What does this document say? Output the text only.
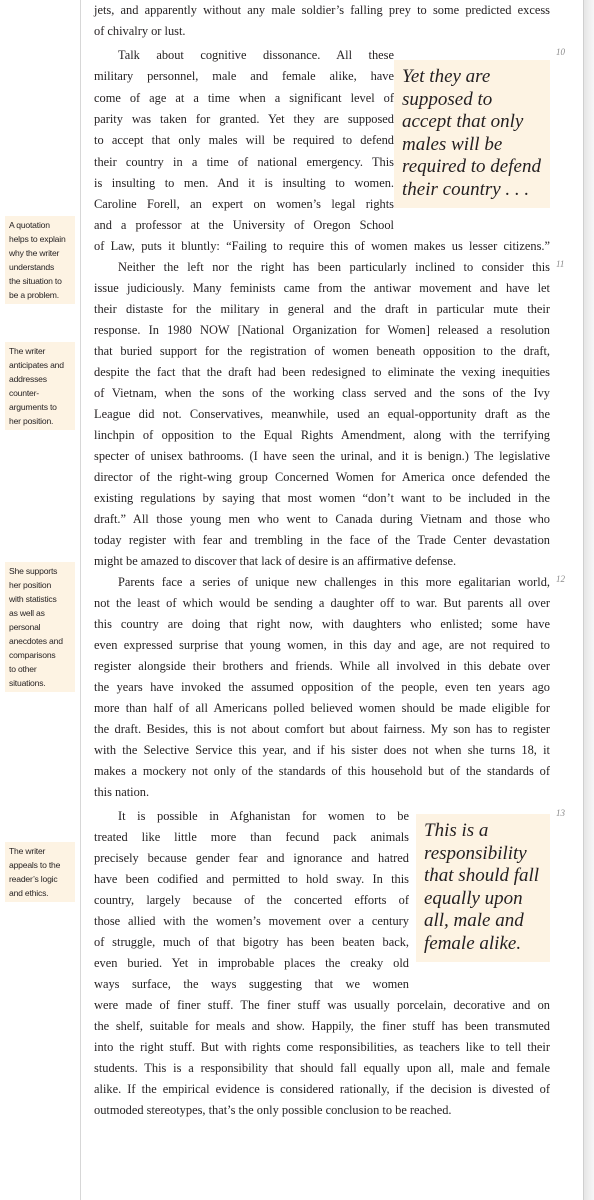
jets, and apparently without any male soldier’s falling prey to some predicted excess
of chivalry or lust.
Talk about cognitive dissonance. All these
military personnel, male and female alike, have
come of age at a time when a significant level of
parity was taken for granted. Yet they are supposed
to accept that only males will be required to defend
their country in a time of national emergency. This
is insulting to men. And it is insulting to women.
Caroline Forell, an expert on women’s legal rights
and a professor at the University of Oregon School
of Law, puts it bluntly: “Failing to require this of women makes us lesser citizens.”
Neither the left nor the right has been particularly inclined to consider this
issue judiciously. Many feminists came from the antiwar movement and have let
their distaste for the military in general and the draft in particular mute their
response. In 1980 NOW [National Organization for Women] released a resolution
that buried support for the registration of women beneath opposition to the draft,
despite the fact that the draft had been redesigned to eliminate the vexing inequities
of Vietnam, when the sons of the working class served and the sons of the Ivy
League did not. Conservatives, meanwhile, used an equal-opportunity draft as the
linchpin of opposition to the Equal Rights Amendment, along with the terrifying
specter of unisex bathrooms. (I have seen the urinal, and it is benign.) The legislative
director of the right-wing group Concerned Women for America once defended the
existing regulations by saying that most women “don’t want to be included in the
draft.” All those young men who went to Canada during Vietnam and those who
today register with fear and trembling in the face of the Trade Center devastation
might be amazed to discover that lack of desire is an affirmative defense.
Parents face a series of unique new challenges in this more egalitarian world,
not the least of which would be sending a daughter off to war. But parents all over
this country are doing that right now, with daughters who enlisted; some have
even expressed surprise that young women, in this day and age, are not required to
register alongside their brothers and friends. While all involved in this debate over
the years have invoked the assumed opposition of the people, even ten years ago
more than half of all Americans polled believed women should be made eligible for
the draft. Besides, this is not about comfort but about fairness. My son has to register
with the Selective Service this year, and if his sister does not when she turns 18, it
makes a mockery not only of the standards of this household but of the standards of
this nation.
It is possible in Afghanistan for women to be
treated like little more than fecund pack animals
precisely because gender fear and ignorance and hatred
have been codified and permitted to hold sway. In this
country, largely because of the concerted efforts of
those allied with the women’s movement over a century
of struggle, much of that bigotry has been beaten back,
even buried. Yet in improbable places the creaky old
ways surface, the ways suggesting that we women
were made of finer stuff. The finer stuff was usually porcelain, decorative and on
the shelf, suitable for meals and show. Happily, the finer stuff has been transmuted
into the right stuff. But with rights come responsibilities, as teachers like to tell their
students. This is a responsibility that should fall equally upon all, male and female
alike. If the empirical evidence is considered rationally, if the decision is divested of
outmoded stereotypes, that’s the only possible conclusion to be reached.
10
11
12
13
A quotation
helps to explain
why the writer
understands
the situation to
be a problem.
The writer
anticipates and
addresses
counter-
arguments to
her position.
She supports
her position
with statistics
as well as
personal
anecdotes and
comparisons
to other
situations.
The writer
appeals to the
reader’s logic
and ethics.
Yet they are
supposed to
accept that only
males will be
required to defend
their country . . .
This is a
responsibility
that should fall
equally upon
all, male and
female alike.
